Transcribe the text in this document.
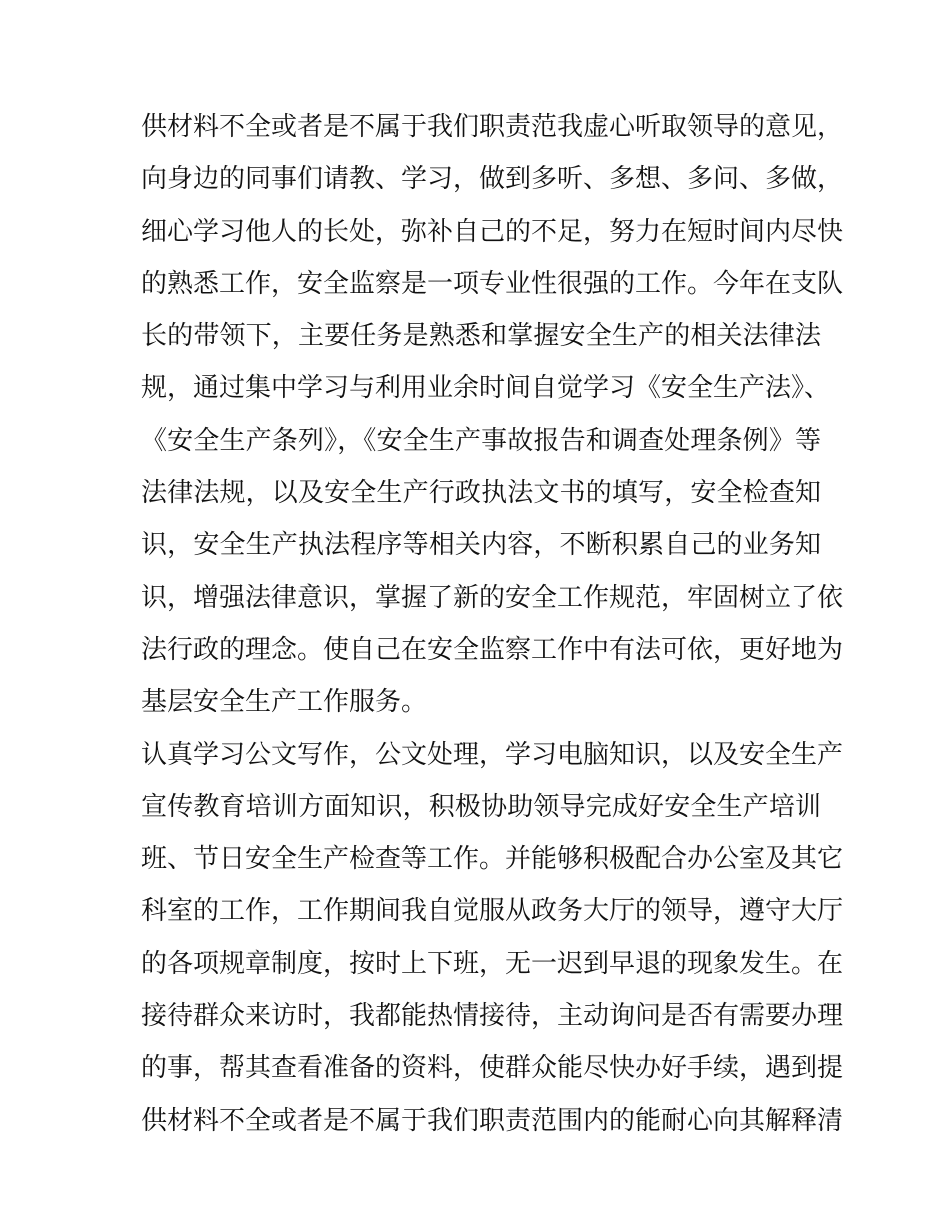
供材料不全或者是不属于我们职责范我虚心听取领导的意见，
向身边的同事们请教、学习，做到多听、多想、多问、多做，
细心学习他人的长处，弥补自己的不足，努力在短时间内尽快
的熟悉工作，安全监察是一项专业性很强的工作。今年在支队
长的带领下，主要任务是熟悉和掌握安全生产的相关法律法
规，通过集中学习与利用业余时间自觉学习《安全生产法》、
《安全生产条列》，《安全生产事故报告和调查处理条例》等
法律法规，以及安全生产行政执法文书的填写，安全检查知
识，安全生产执法程序等相关内容，不断积累自己的业务知
识，增强法律意识，掌握了新的安全工作规范，牢固树立了依
法行政的理念。使自己在安全监察工作中有法可依，更好地为
基层安全生产工作服务。
认真学习公文写作，公文处理，学习电脑知识，以及安全生产
宣传教育培训方面知识，积极协助领导完成好安全生产培训
班、节日安全生产检查等工作。并能够积极配合办公室及其它
科室的工作，工作期间我自觉服从政务大厅的领导，遵守大厅
的各项规章制度，按时上下班，无一迟到早退的现象发生。在
接待群众来访时，我都能热情接待，主动询问是否有需要办理
的事，帮其查看准备的资料，使群众能尽快办好手续，遇到提
供材料不全或者是不属于我们职责范围内的能耐心向其解释清
